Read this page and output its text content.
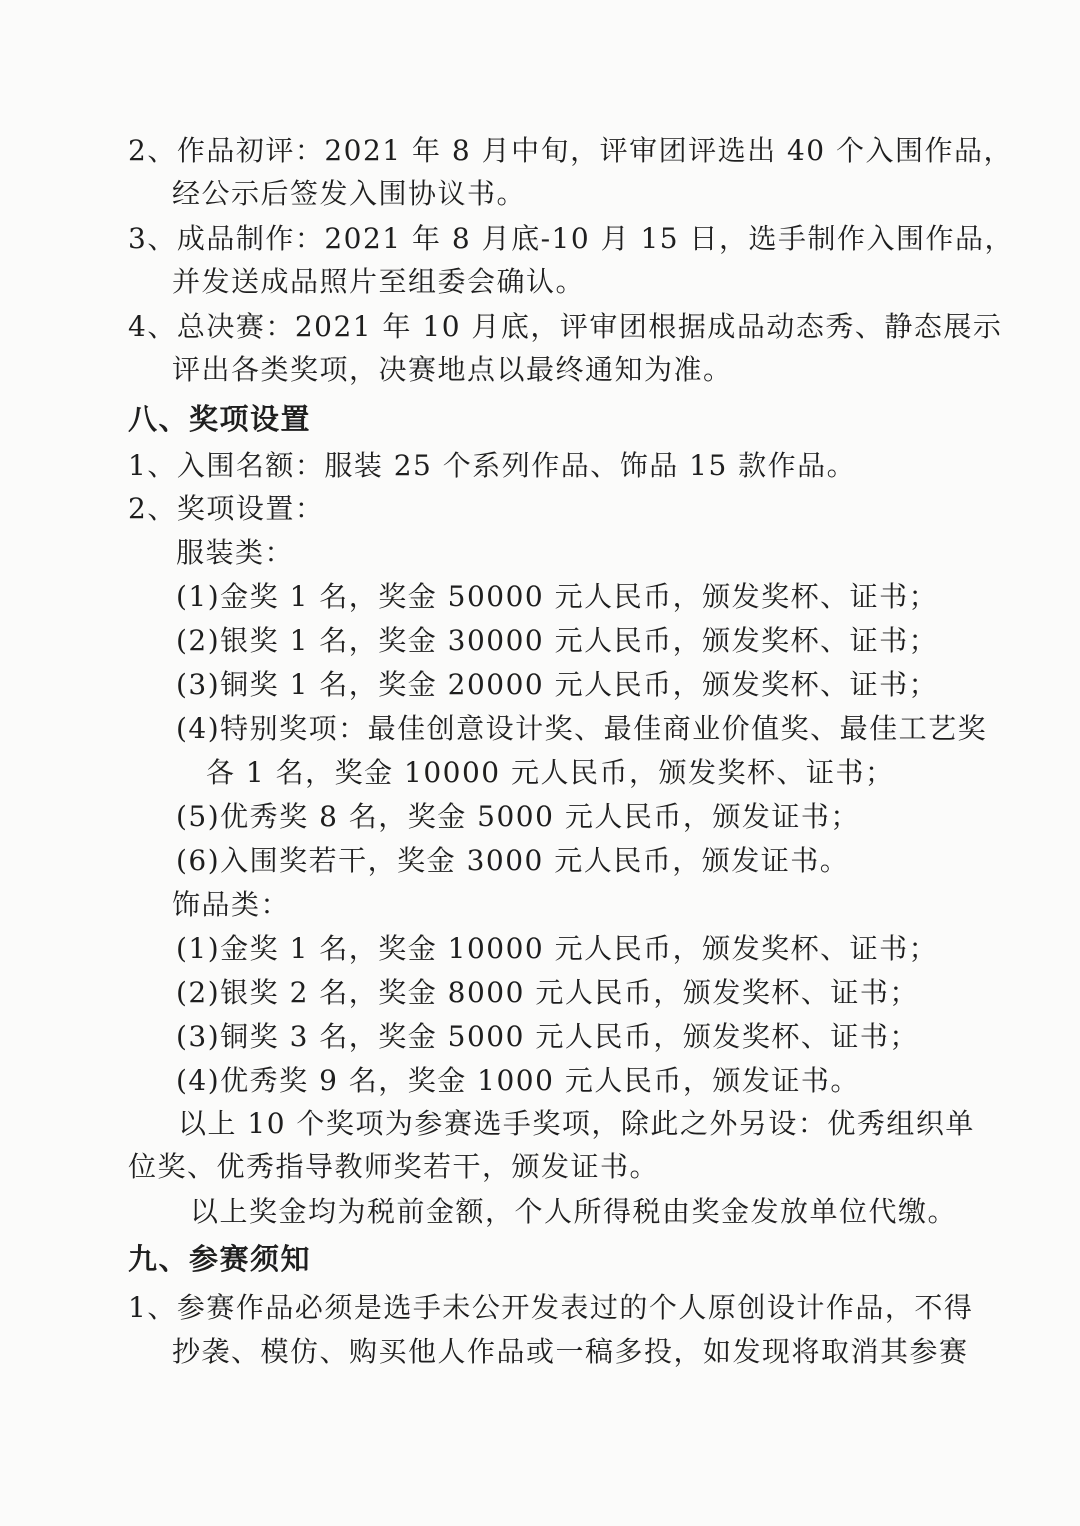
2、作品初评：2021 年 8 月中旬，评审团评选出 40 个入围作品，
经公示后签发入围协议书。
3、成品制作：2021 年 8 月底-10 月 15 日，选手制作入围作品，
并发送成品照片至组委会确认。
4、总决赛：2021 年 10 月底，评审团根据成品动态秀、静态展示
评出各类奖项，决赛地点以最终通知为准。
八、奖项设置
1、入围名额：服装 25 个系列作品、饰品 15 款作品。
2、奖项设置：
服装类：
(1)金奖 1 名，奖金 50000 元人民币，颁发奖杯、证书；
(2)银奖 1 名，奖金 30000 元人民币，颁发奖杯、证书；
(3)铜奖 1 名，奖金 20000 元人民币，颁发奖杯、证书；
(4)特别奖项：最佳创意设计奖、最佳商业价值奖、最佳工艺奖
各 1 名，奖金 10000 元人民币，颁发奖杯、证书；
(5)优秀奖 8 名，奖金 5000 元人民币，颁发证书；
(6)入围奖若干，奖金 3000 元人民币，颁发证书。
饰品类：
(1)金奖 1 名，奖金 10000 元人民币，颁发奖杯、证书；
(2)银奖 2 名，奖金 8000 元人民币，颁发奖杯、证书；
(3)铜奖 3 名，奖金 5000 元人民币，颁发奖杯、证书；
(4)优秀奖 9 名，奖金 1000 元人民币，颁发证书。
以上 10 个奖项为参赛选手奖项，除此之外另设：优秀组织单
位奖、优秀指导教师奖若干，颁发证书。
以上奖金均为税前金额，个人所得税由奖金发放单位代缴。
九、参赛须知
1、参赛作品必须是选手未公开发表过的个人原创设计作品，不得
抄袭、模仿、购买他人作品或一稿多投，如发现将取消其参赛
